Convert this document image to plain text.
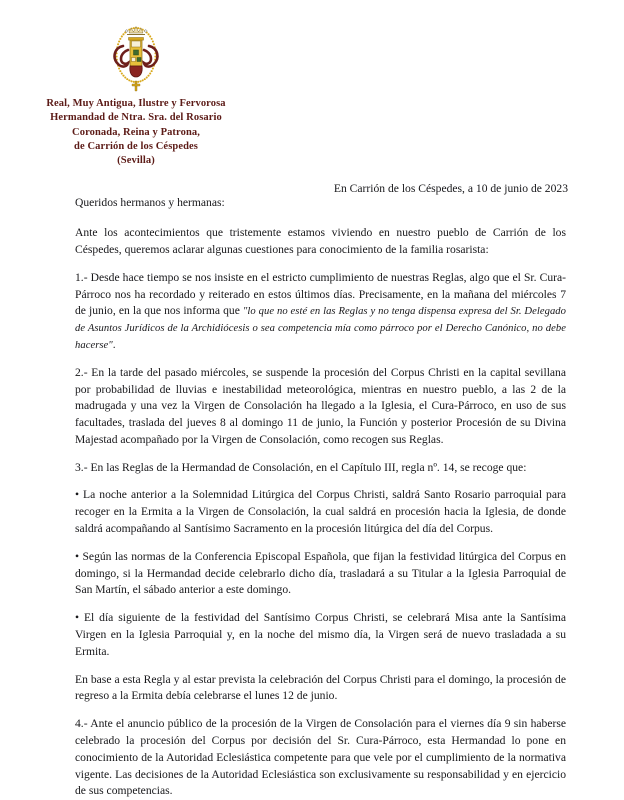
Real, Muy Antigua, Ilustre y Fervorosa
Hermandad de Ntra. Sra. del Rosario
Coronada, Reina y Patrona,
de Carrión de los Céspedes
(Sevilla)
En Carrión de los Céspedes, a 10 de junio de 2023

Queridos hermanos y hermanas:

Ante los acontecimientos que tristemente estamos viviendo en nuestro pueblo de Carrión de los Céspedes, queremos aclarar algunas cuestiones para conocimiento de la familia rosarista:

1.- Desde hace tiempo se nos insiste en el estricto cumplimiento de nuestras Reglas, algo que el Sr. Cura- Párroco nos ha recordado y reiterado en estos últimos días. Precisamente, en la mañana del miércoles 7 de junio, en la que nos informa que "lo que no esté en las Reglas y no tenga dispensa expresa del Sr. Delegado de Asuntos Jurídicos de la Archidiócesis o sea competencia mía como párroco por el Derecho Canónico, no debe hacerse".

2.- En la tarde del pasado miércoles, se suspende la procesión del Corpus Christi en la capital sevillana por probabilidad de lluvias e inestabilidad meteorológica, mientras en nuestro pueblo, a las 2 de la madrugada y una vez la Virgen de Consolación ha llegado a la Iglesia, el Cura-Párroco, en uso de sus facultades, traslada del jueves 8 al domingo 11 de junio, la Función y posterior Procesión de su Divina Majestad acompañado por la Virgen de Consolación, como recogen sus Reglas.

3.- En las Reglas de la Hermandad de Consolación, en el Capítulo III, regla nº. 14, se recoge que:

• La noche anterior a la Solemnidad Litúrgica del Corpus Christi, saldrá Santo Rosario parroquial para recoger en la Ermita a la Virgen de Consolación, la cual saldrá en procesión hacia la Iglesia, de donde saldrá acompañando al Santísimo Sacramento en la procesión litúrgica del día del Corpus.

• Según las normas de la Conferencia Episcopal Española, que fijan la festividad litúrgica del Corpus en domingo, si la Hermandad decide celebrarlo dicho día, trasladará a su Titular a la Iglesia Parroquial de San Martín, el sábado anterior a este domingo.

• El día siguiente de la festividad del Santísimo Corpus Christi, se celebrará Misa ante la Santísima Virgen en la Iglesia Parroquial y, en la noche del mismo día, la Virgen será de nuevo trasladada a su Ermita.

En base a esta Regla y al estar prevista la celebración del Corpus Christi para el domingo, la procesión de regreso a la Ermita debía celebrarse el lunes 12 de junio.

4.- Ante el anuncio público de la procesión de la Virgen de Consolación para el viernes día 9 sin haberse celebrado la procesión del Corpus por decisión del Sr. Cura-Párroco, esta Hermandad lo pone en conocimiento de la Autoridad Eclesiástica competente para que vele por el cumplimiento de la normativa vigente. Las decisiones de la Autoridad Eclesiástica son exclusivamente su responsabilidad y en ejercicio de sus competencias.
